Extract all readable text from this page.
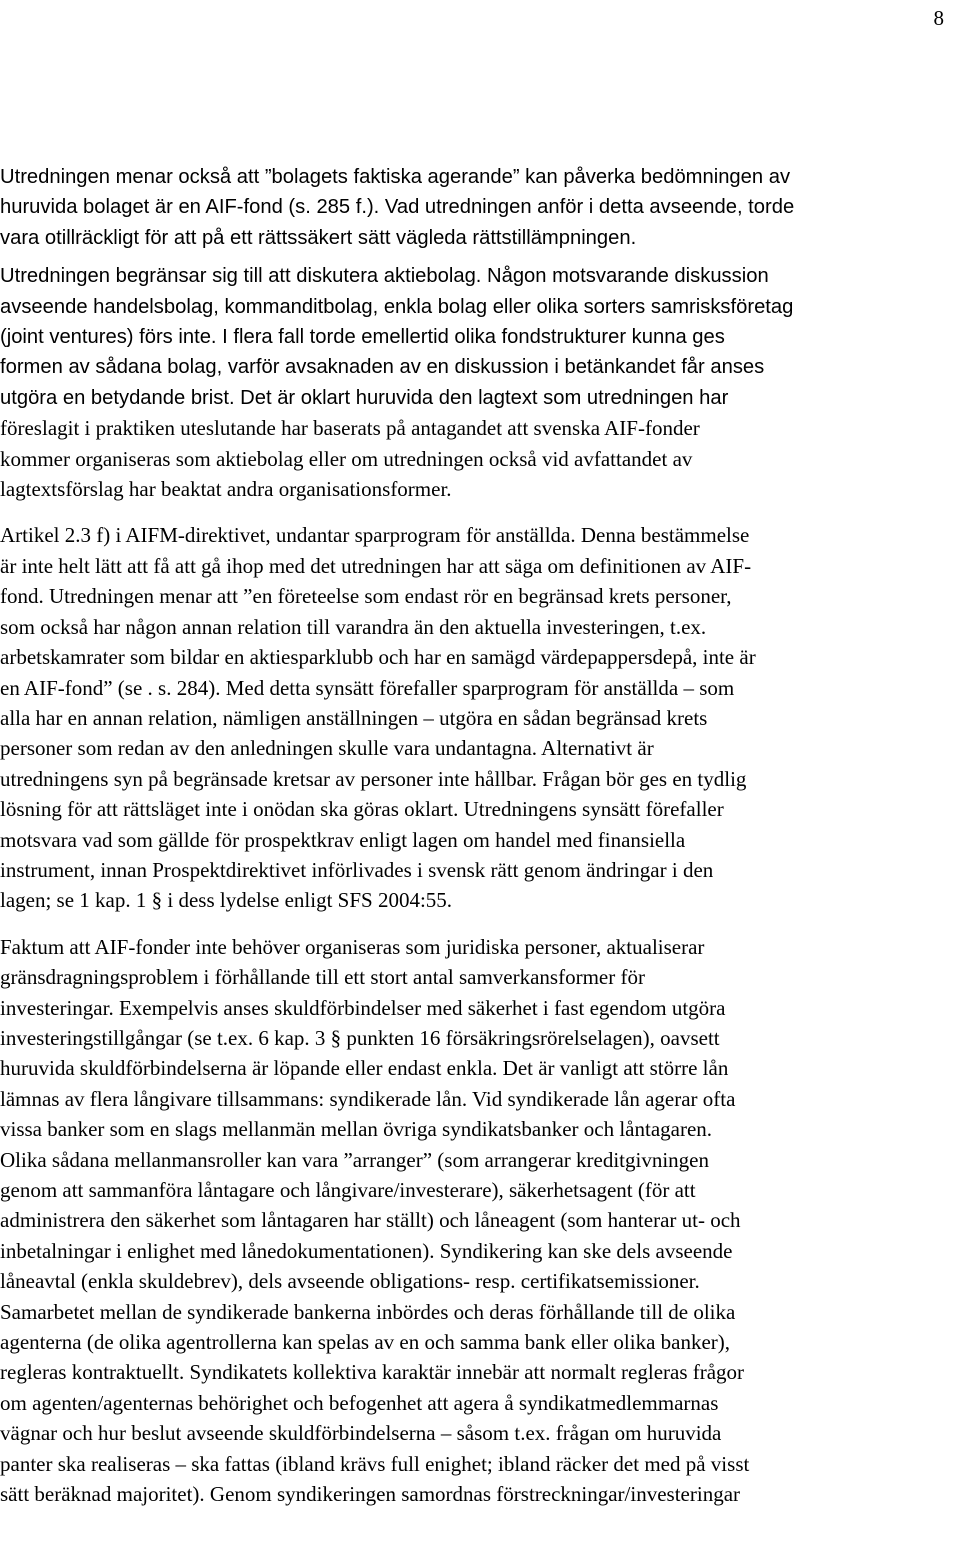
8

Utredningen menar också att ”bolagets faktiska agerande” kan påverka bedömningen av
huruvida bolaget är en AIF-fond (s. 285 f.). Vad utredningen anför i detta avseende, torde
vara otillräckligt för att på ett rättssäkert sätt vägleda rättstillämpningen.

Utredningen begränsar sig till att diskutera aktiebolag. Någon motsvarande diskussion
avseende handelsbolag, kommanditbolag, enkla bolag eller olika sorters samrisksföretag
(joint ventures) förs inte. I flera fall torde emellertid olika fondstrukturer kunna ges
formen av sådana bolag, varför avsaknaden av en diskussion i betänkandet får anses
utgöra en betydande brist. Det är oklart huruvida den lagtext som utredningen har
föreslagit i praktiken uteslutande har baserats på antagandet att svenska AIF-fonder
kommer organiseras som aktiebolag eller om utredningen också vid avfattandet av
lagtextsförslag har beaktat andra organisationsformer.

Artikel 2.3 f) i AIFM-direktivet, undantar sparprogram för anställda. Denna bestämmelse
är inte helt lätt att få att gå ihop med det utredningen har att säga om definitionen av AIF-
fond. Utredningen menar att ”en företeelse som endast rör en begränsad krets personer,
som också har någon annan relation till varandra än den aktuella investeringen, t.ex.
arbetskamrater som bildar en aktiesparklubb och har en samägd värdepappersdepå, inte är
en AIF-fond” (se . s. 284). Med detta synsätt förefaller sparprogram för anställda – som
alla har en annan relation, nämligen anställningen – utgöra en sådan begränsad krets
personer som redan av den anledningen skulle vara undantagna. Alternativt är
utredningens syn på begränsade kretsar av personer inte hållbar. Frågan bör ges en tydlig
lösning för att rättsläget inte i onödan ska göras oklart. Utredningens synsätt förefaller
motsvara vad som gällde för prospektkrav enligt lagen om handel med finansiella
instrument, innan Prospektdirektivet införlivades i svensk rätt genom ändringar i den
lagen; se 1 kap. 1 § i dess lydelse enligt SFS 2004:55.

Faktum att AIF-fonder inte behöver organiseras som juridiska personer, aktualiserar
gränsdragningsproblem i förhållande till ett stort antal samverkansformer för
investeringar. Exempelvis anses skuldförbindelser med säkerhet i fast egendom utgöra
investeringstillgångar (se t.ex. 6 kap. 3 § punkten 16 försäkringsrörelselagen), oavsett
huruvida skuldförbindelserna är löpande eller endast enkla. Det är vanligt att större lån
lämnas av flera långivare tillsammans: syndikerade lån. Vid syndikerade lån agerar ofta
vissa banker som en slags mellanmän mellan övriga syndikatsbanker och låntagaren.
Olika sådana mellanmansroller kan vara ”arranger” (som arrangerar kreditgivningen
genom att sammanföra låntagare och långivare/investerare), säkerhetsagent (för att
administrera den säkerhet som låntagaren har ställt) och låneagent (som hanterar ut- och
inbetalningar i enlighet med lånedokumentationen). Syndikering kan ske dels avseende
låneavtal (enkla skuldebrev), dels avseende obligations- resp. certifikatsemissioner.
Samarbetet mellan de syndikerade bankerna inbördes och deras förhållande till de olika
agenterna (de olika agentrollerna kan spelas av en och samma bank eller olika banker),
regleras kontraktuellt. Syndikatets kollektiva karaktär innebär att normalt regleras frågor
om agenten/agenternas behörighet och befogenhet att agera å syndikatmedlemmarnas
vägnar och hur beslut avseende skuldförbindelserna – såsom t.ex. frågan om huruvida
panter ska realiseras – ska fattas (ibland krävs full enighet; ibland räcker det med på visst
sätt beräknad majoritet). Genom syndikeringen samordnas förstreckningar/investeringar
